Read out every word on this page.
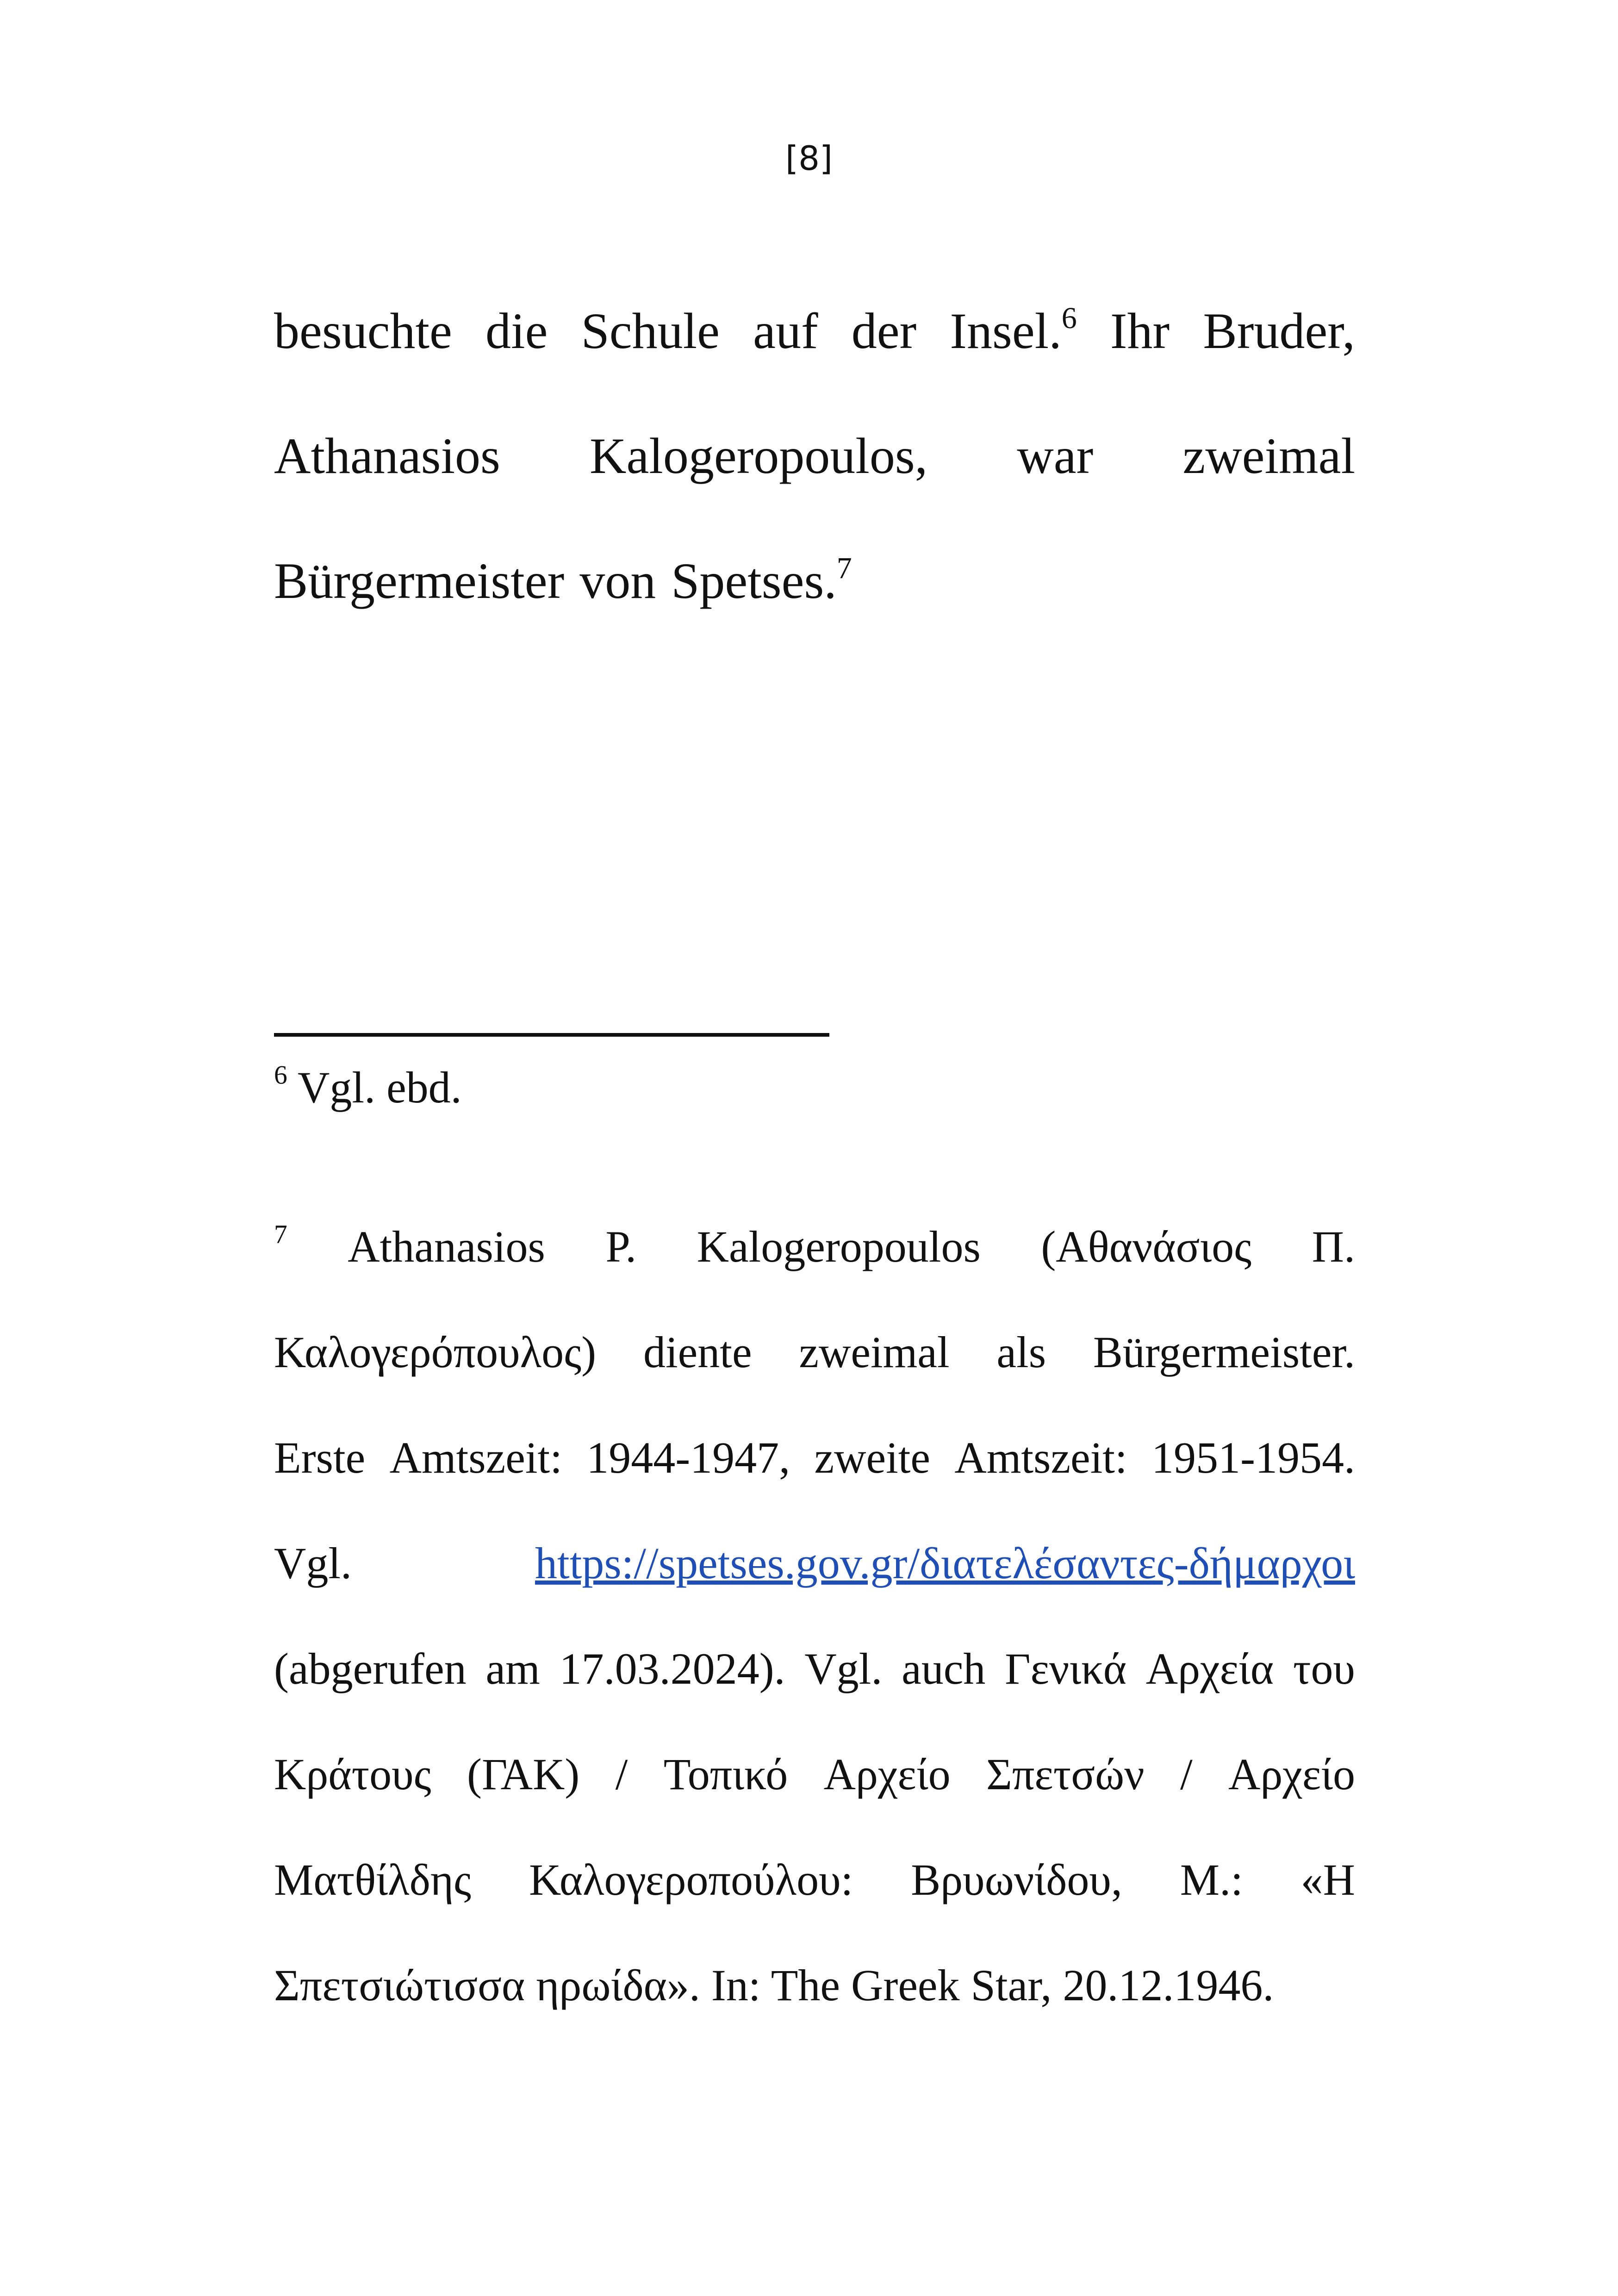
[8]
besuchte die Schule auf der Insel.$^6$ Ihr Bruder,
Athanasios Kalogeropoulos, war zweimal
Bürgermeister von Spetses.$^7$
$^6$ Vgl. ebd.
$^7$ Athanasios P. Kalogeropoulos (Αθανάσιος Π.
Καλογερόπουλος) diente zweimal als Bürgermeister.
Erste Amtszeit: 1944-1947, zweite Amtszeit: 1951-1954.
Vgl.	https://spetses.gov.gr/διατελέσαντες-δήμαρχοι
(abgerufen am 17.03.2024). Vgl. auch Γενικά Αρχεία του
Κράτους (ΓΑΚ) / Τοπικό Αρχείο Σπετσών / Αρχείο
Ματθίλδης Καλογεροπούλου: Βρυωνίδου, Μ.: «Η
Σπετσιώτισσα ηρωίδα». In: The Greek Star, 20.12.1946.
